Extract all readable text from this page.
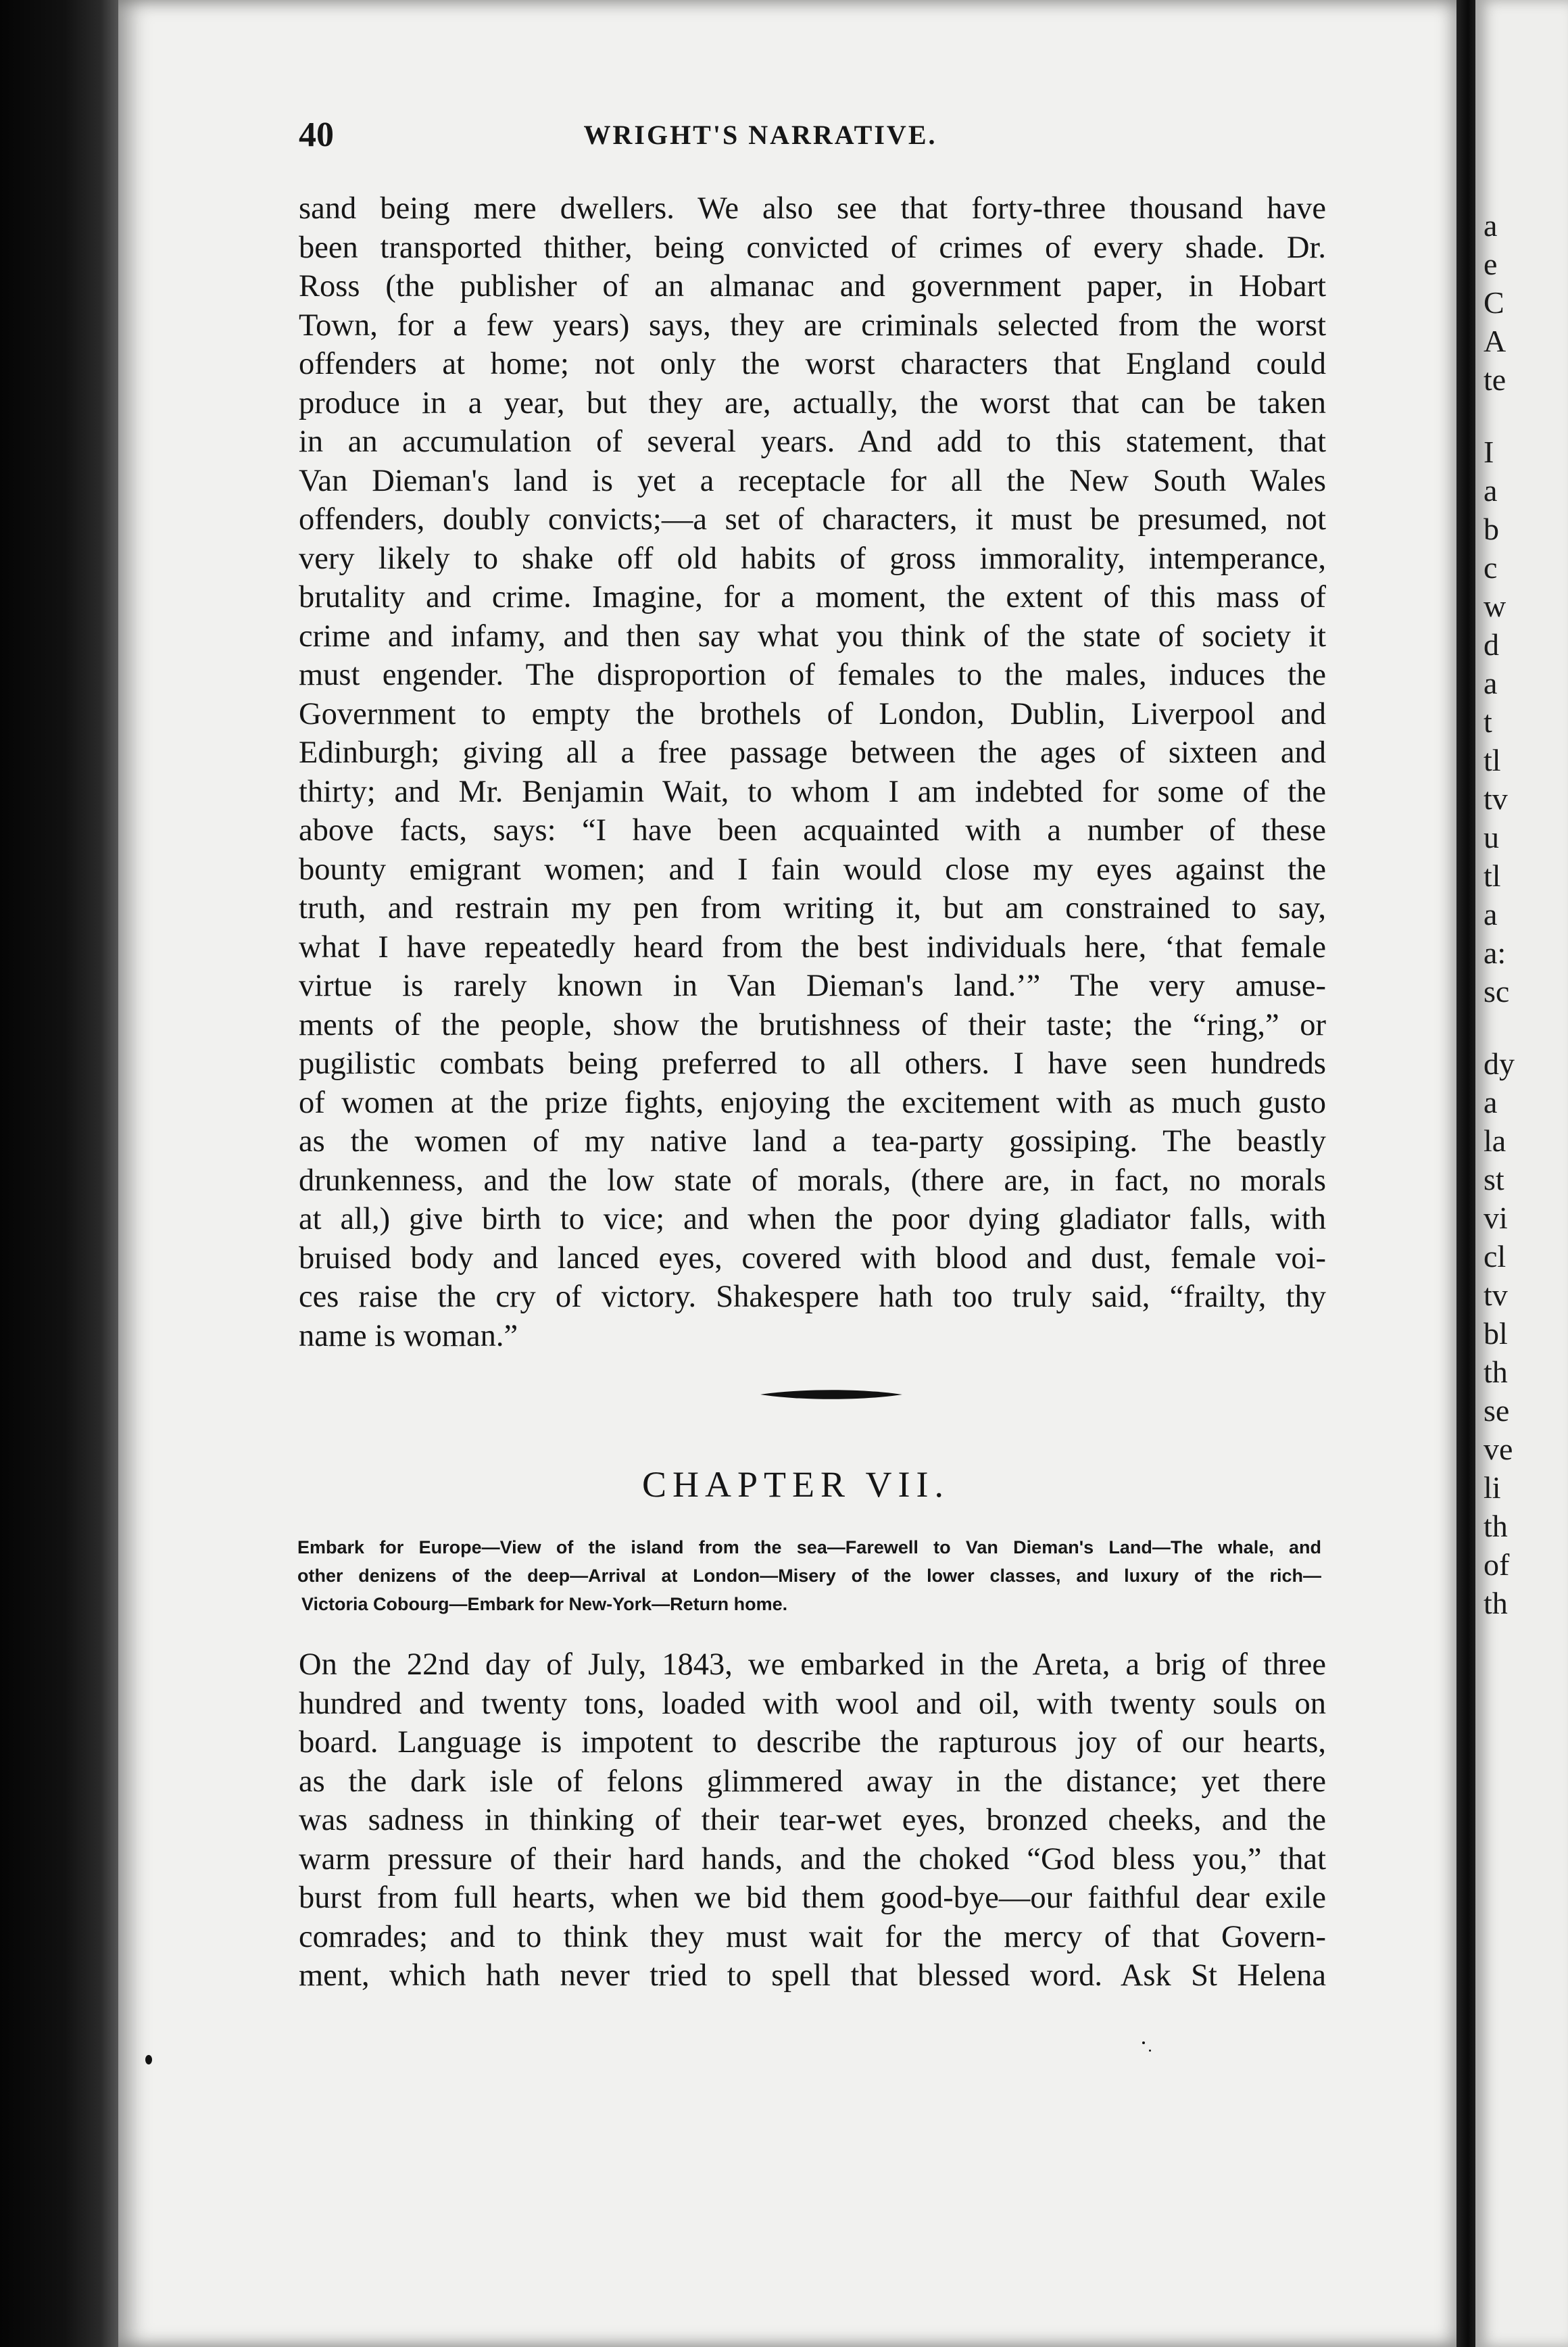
a
e
C
A
te
I
a
b
c
w
d
a
t
tl
tv
u
tl
a
a:
sc
dy
a
la
st
vi
cl
tv
bl
th
se
ve
li
th
of
th
40	WRIGHT'S NARRATIVE.
sand being mere dwellers. We also see that forty-three thousand have
been transported thither, being convicted of crimes of every shade. Dr.
Ross (the publisher of an almanac and government paper, in Hobart
Town, for a few years) says, they are criminals selected from the worst
offenders at home; not only the worst characters that England could
produce in a year, but they are, actually, the worst that can be taken
in an accumulation of several years. And add to this statement, that
Van Dieman's land is yet a receptacle for all the New South Wales
offenders, doubly convicts;—a set of characters, it must be presumed, not
very likely to shake off old habits of gross immorality, intemperance,
brutality and crime. Imagine, for a moment, the extent of this mass of
crime and infamy, and then say what you think of the state of society it
must engender. The disproportion of females to the males, induces the
Government to empty the brothels of London, Dublin, Liverpool and
Edinburgh; giving all a free passage between the ages of sixteen and
thirty; and Mr. Benjamin Wait, to whom I am indebted for some of the
above facts, says: “I have been acquainted with a number of these
bounty emigrant women; and I fain would close my eyes against the
truth, and restrain my pen from writing it, but am constrained to say,
what I have repeatedly heard from the best individuals here, ‘that female
virtue is rarely known in Van Dieman's land.’” The very amuse-
ments of the people, show the brutishness of their taste; the “ring,” or
pugilistic combats being preferred to all others. I have seen hundreds
of women at the prize fights, enjoying the excitement with as much gusto
as the women of my native land a tea-party gossiping. The beastly
drunkenness, and the low state of morals, (there are, in fact, no morals
at all,) give birth to vice; and when the poor dying gladiator falls, with
bruised body and lanced eyes, covered with blood and dust, female voi-
ces raise the cry of victory. Shakespere hath too truly said, “frailty, thy
name is woman.”
CHAPTER VII.
Embark for Europe—View of the island from the sea—Farewell to Van Dieman's Land—The whale, and
other denizens of the deep—Arrival at London—Misery of the lower classes, and luxury of the rich—
Victoria Cobourg—Embark for New-York—Return home.
On the 22nd day of July, 1843, we embarked in the Areta, a brig of three
hundred and twenty tons, loaded with wool and oil, with twenty souls on
board. Language is impotent to describe the rapturous joy of our hearts,
as the dark isle of felons glimmered away in the distance; yet there
was sadness in thinking of their tear-wet eyes, bronzed cheeks, and the
warm pressure of their hard hands, and the choked “God bless you,” that
burst from full hearts, when we bid them good-bye—our faithful dear exile
comrades; and to think they must wait for the mercy of that Govern-
ment, which hath never tried to spell that blessed word. Ask St Helena
